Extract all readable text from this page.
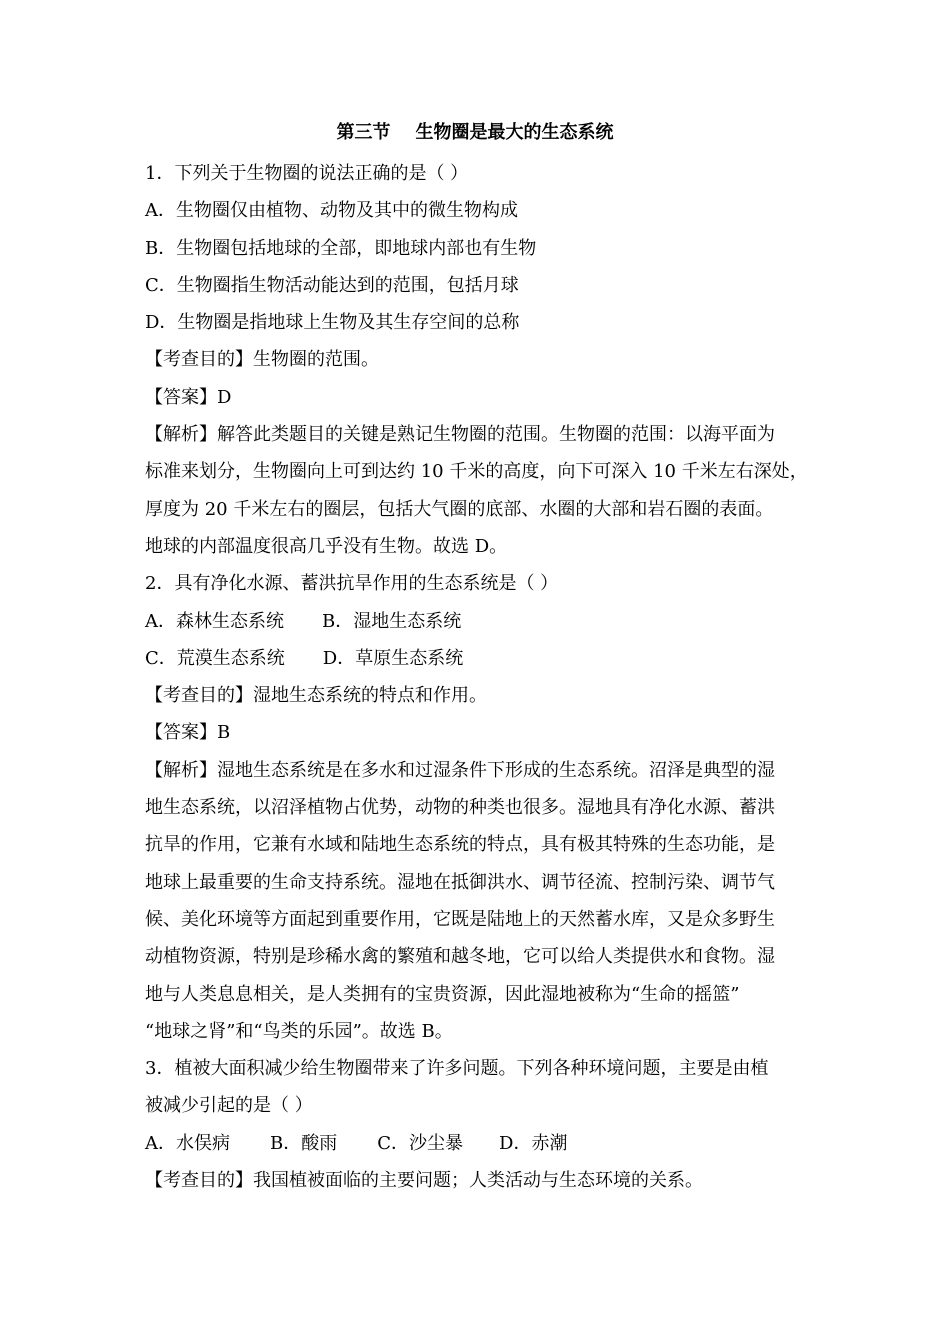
第三节    生物圈是最大的生态系统
1．下列关于生物圈的说法正确的是（ ）
A．生物圈仅由植物、动物及其中的微生物构成
B．生物圈包括地球的全部，即地球内部也有生物
C．生物圈指生物活动能达到的范围，包括月球
D．生物圈是指地球上生物及其生存空间的总称
【考查目的】生物圈的范围。
【答案】D
【解析】解答此类题目的关键是熟记生物圈的范围。生物圈的范围：以海平面为
标准来划分，生物圈向上可到达约 10 千米的高度，向下可深入 10 千米左右深处，
厚度为 20 千米左右的圈层，包括大气圈的底部、水圈的大部和岩石圈的表面。
地球的内部温度很高几乎没有生物。故选 D。
2．具有净化水源、蓄洪抗旱作用的生态系统是（ ）
A．森林生态系统 B．湿地生态系统
C．荒漠生态系统 D．草原生态系统
【考查目的】湿地生态系统的特点和作用。
【答案】B
【解析】湿地生态系统是在多水和过湿条件下形成的生态系统。沼泽是典型的湿
地生态系统，以沼泽植物占优势，动物的种类也很多。湿地具有净化水源、蓄洪
抗旱的作用，它兼有水域和陆地生态系统的特点，具有极其特殊的生态功能，是
地球上最重要的生命支持系统。湿地在抵御洪水、调节径流、控制污染、调节气
候、美化环境等方面起到重要作用，它既是陆地上的天然蓄水库，又是众多野生
动植物资源，特别是珍稀水禽的繁殖和越冬地，它可以给人类提供水和食物。湿
地与人类息息相关，是人类拥有的宝贵资源，因此湿地被称为“生命的摇篮”
“地球之肾”和“鸟类的乐园”。故选 B。
3．植被大面积减少给生物圈带来了许多问题。下列各种环境问题，主要是由植
被减少引起的是（ ）
A．水俣病 B．酸雨 C．沙尘暴 D．赤潮
【考查目的】我国植被面临的主要问题；人类活动与生态环境的关系。
